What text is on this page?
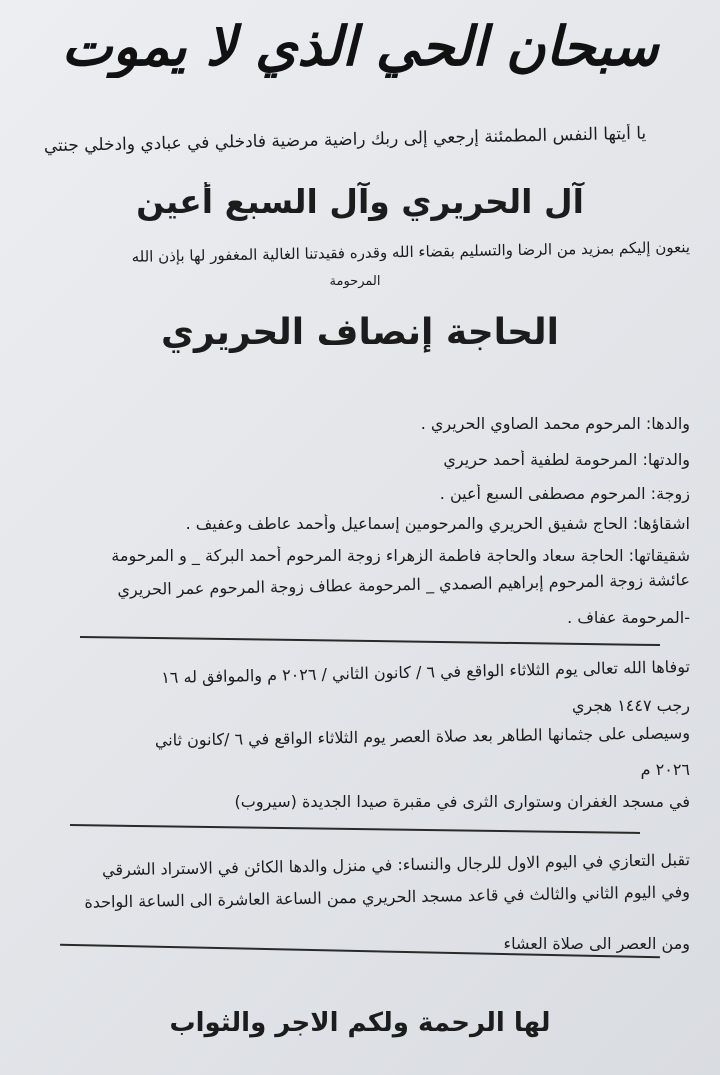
سبحان الحي الذي لا يموت
يا أيتها النفس المطمئنة إرجعي إلى ربك راضية مرضية فادخلي في عبادي وادخلي جنتي
آل الحريري وآل السبع أعين
ينعون إليكم بمزيد من الرضا والتسليم بقضاء الله وقدره فقيدتنا الغالية المغفور لها بإذن الله
المرحومة
الحاجة إنصاف الحريري
والدها: المرحوم محمد الصاوي الحريري .
والدتها: المرحومة لطفية أحمد حريري
زوجة: المرحوم مصطفى السبع أعين .
اشقاؤها: الحاج شفيق الحريري والمرحومين إسماعيل وأحمد عاطف وعفيف .
شقيقاتها: الحاجة سعاد والحاجة فاطمة الزهراء زوجة المرحوم أحمد البركة _ و المرحومة
عائشة زوجة المرحوم إبراهيم الصمدي _ المرحومة عطاف زوجة المرحوم عمر الحريري
-المرحومة عفاف .
توفاها الله تعالى يوم الثلاثاء الواقع في ٦ / كانون الثاني / ٢٠٢٦ م والموافق له ١٦
رجب ١٤٤٧ هجري
وسيصلى على جثمانها الطاهر بعد صلاة العصر يوم الثلاثاء الواقع في ٦ /كانون ثاني
٢٠٢٦ م
في مسجد الغفران وستوارى الثرى في مقبرة صيدا الجديدة (سيروب)
تقبل التعازي في اليوم الاول للرجال والنساء: في منزل والدها الكائن في الاستراد الشرقي
وفي اليوم الثاني والثالث في قاعد مسجد الحريري ممن الساعة العاشرة الى الساعة الواحدة
ومن العصر الى صلاة العشاء
لها الرحمة ولكم الاجر والثواب
